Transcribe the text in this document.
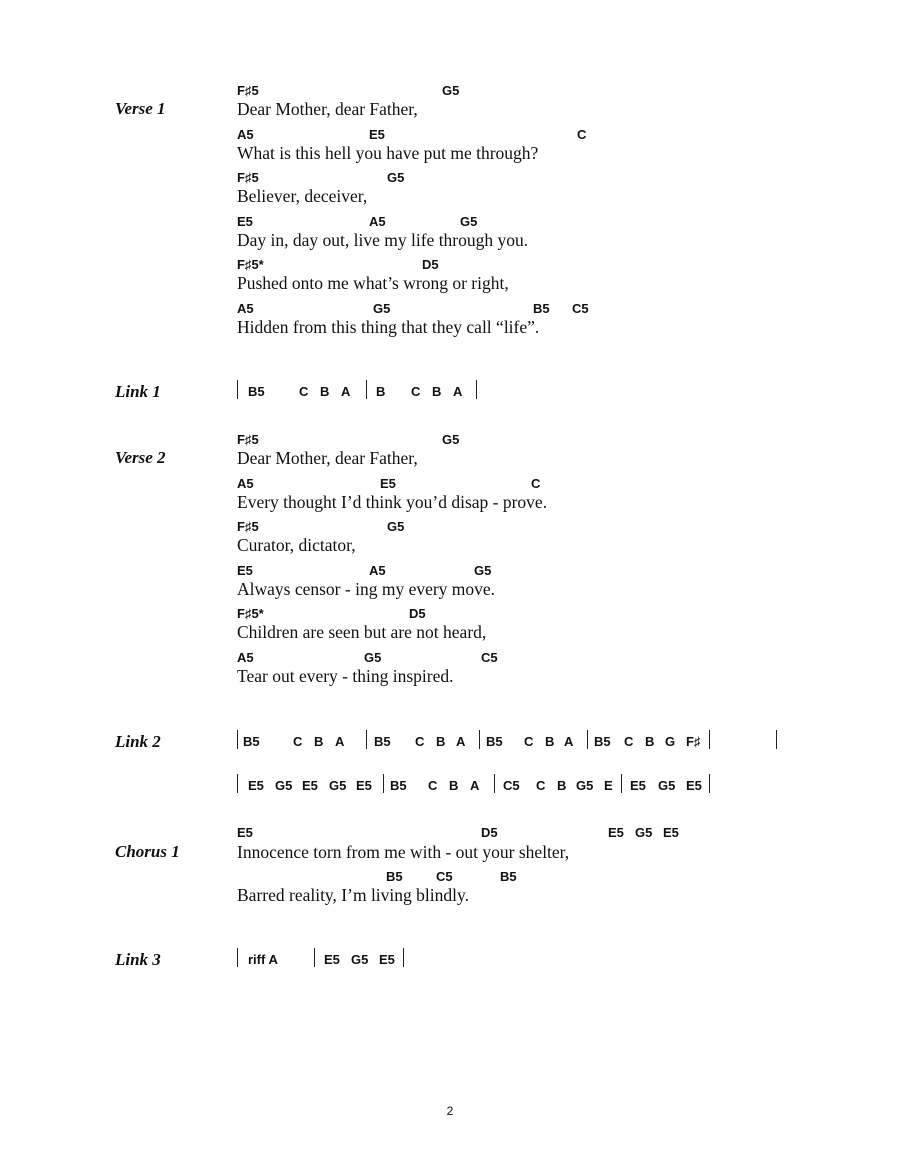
Verse 1
F♯5	G5
Dear Mother, dear Father,
A5	E5	C
What is this hell you have put me through?
F♯5	G5
Believer, deceiver,
E5	A5	G5
Day in, day out, live my life through you.
F♯5*	D5
Pushed onto me what’s wrong or right,
A5	G5	B5 C5
Hidden from this thing that they call “life”.
Link 1	B5	C B A B C B A
Verse 2
F♯5	G5
Dear Mother, dear Father,
A5	E5	C
Every thought I’d think you’d disap - prove.
F♯5	G5
Curator, dictator,
E5	A5	G5
Always censor - ing my every move.
F♯5*	D5
Children are seen but are not heard,
A5	G5	C5
Tear out every - thing inspired.
Link 2	B5	C B A B5 C B A B5 C B A B5 C B G F♯
E5 G5 E5 G5 E5 B5 C B A C5 C B G5 E E5 G5 E5
Chorus 1
E5	D5	E5 G5 E5
Innocence torn from me with - out your shelter,
B5	C5	B5
Barred reality, I’m living blindly.
Link 3	riff A	E5 G5 E5
2
